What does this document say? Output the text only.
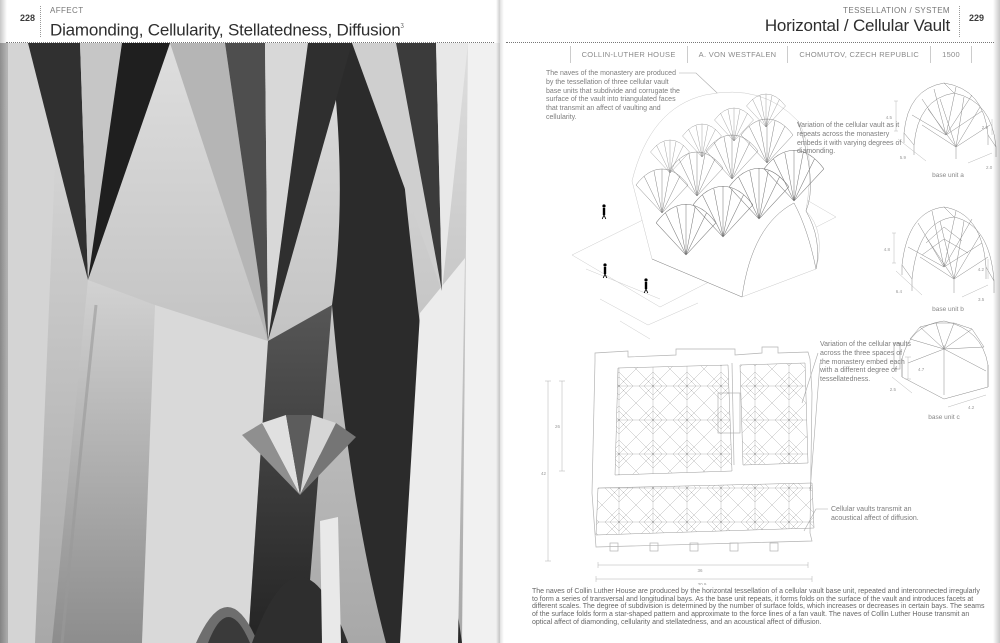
228
AFFECT
Diamonding, Cellularity, Stellatedness, Diffusion$^ᶾ$
TESSELLATION / SYSTEM
Horizontal / Cellular Vault 229
COLLIN-LUTHER HOUSE	A. VON WESTFALEN	CHOMUTOV, CZECH REPUBLIC	1500
36
30.9
26
42
4.5
5.9
2.9
2.0
base unit a
4.8
6.4
4.2
3.5
base unit b
4.7
2.5
4.2
base unit c
The naves of the monastery are produced by the tessellation of three cellular vault base units that subdivide and corrugate the surface of the vault into triangulated faces that transmit an affect of vaulting and cellularity.
Variation of the cellular vault as it repeats across the monastery embeds it with varying degrees of diamonding.
Variation of the cellular vaults across the three spaces of the monastery embed each with a different degree of tessellatedness.
Cellular vaults transmit an acoustical affect of diffusion.
The naves of Collin Luther House are produced by the horizontal tessellation of a cellular vault base unit, repeated and interconnected irregularly to form a series of transversal and longitudinal bays. As the base unit repeats, it forms folds on the surface of the vault and introduces facets at different scales. The degree of subdivision is determined by the number of surface folds, which increases or decreases in certain bays. The seams of the surface folds form a star-shaped pattern and approximate to the force lines of a fan vault. The naves of Collin Luther House transmit an optical affect of diamonding, cellularity and stellatedness, and an acoustical affect of diffusion.
